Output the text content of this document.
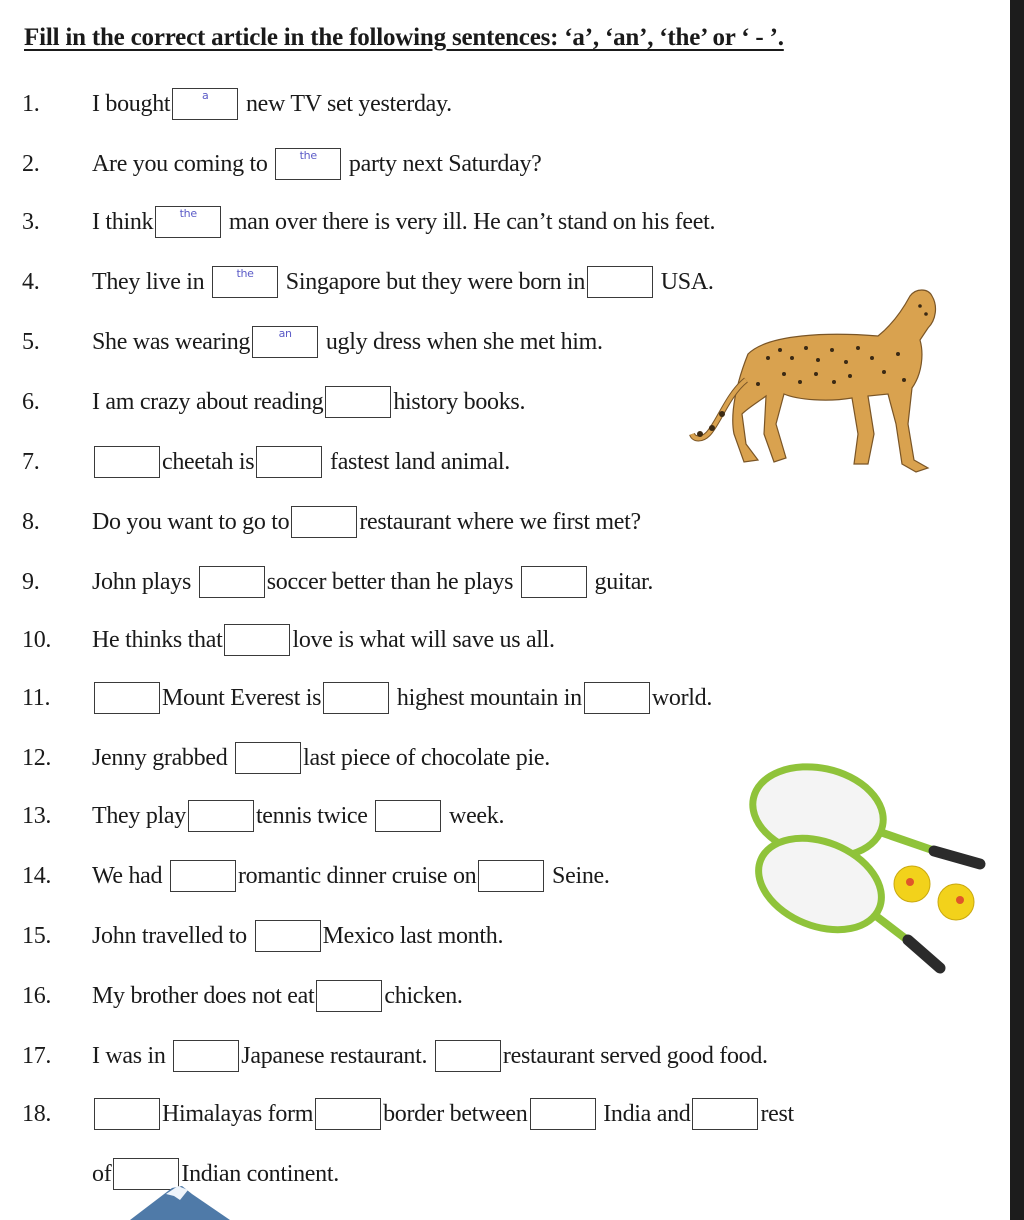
Fill in the correct article in the following sentences: ‘a’, ‘an’, ‘the’ or ‘ - ’.
1.	I bought	a	new TV set yesterday.
2.	Are you coming to	the	party next Saturday?
3.	I think	the	man over there is very ill. He can’t stand on his feet.
4.	They live in	the	Singapore but they were born in	USA.
5.	She was wearing	an	ugly dress when she met him.
6.	I am crazy about reading	history books.
7.	cheetah is	fastest land animal.
8.	Do you want to go to	restaurant where we first met?
9.	John plays	soccer better than he plays	guitar.
10.	He thinks that	love is what will save us all.
11.	Mount Everest is	highest mountain in	world.
12.	Jenny grabbed	last piece of chocolate pie.
13.	They play	tennis twice	week.
14.	We had	romantic dinner cruise on	Seine.
15.	John travelled to	Mexico last month.
16.	My brother does not eat	chicken.
17.	I was in	Japanese restaurant.	restaurant served good food.
18.	Himalayas form	border between	India and	rest
of	Indian continent.
